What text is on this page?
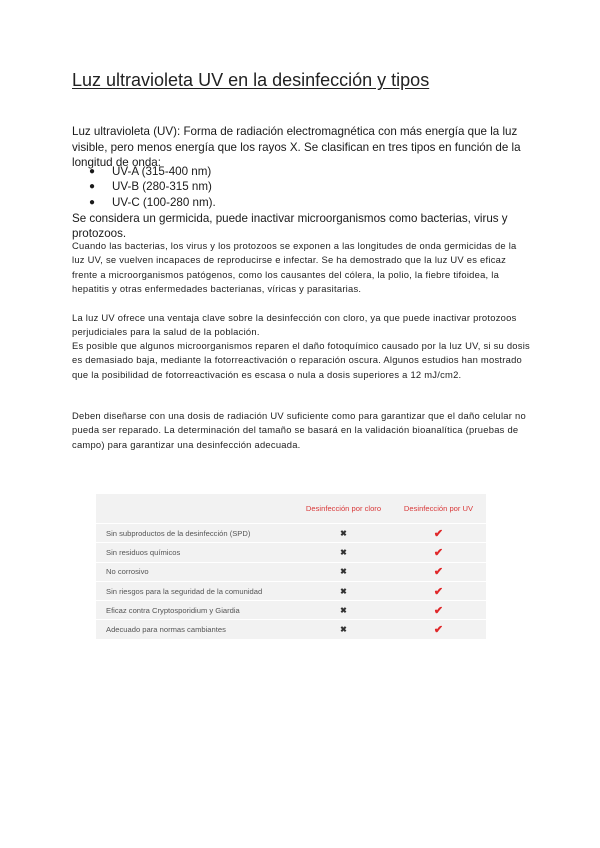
Luz ultravioleta UV en la desinfección y tipos

Luz ultravioleta (UV): Forma de radiación electromagnética con más energía que la luz visible, pero menos energía que los rayos X. Se clasifican en tres tipos en función de la longitud de onda:

● UV-A (315-400 nm)
● UV-B (280-315 nm)
● UV-C (100-280 nm).

Se considera un germicida, puede inactivar microorganismos como bacterias, virus y protozoos.

Cuando las bacterias, los virus y los protozoos se exponen a las longitudes de onda germicidas de la luz UV, se vuelven incapaces de reproducirse e infectar. Se ha demostrado que la luz UV es eficaz frente a microorganismos patógenos, como los causantes del cólera, la polio, la fiebre tifoidea, la hepatitis y otras enfermedades bacterianas, víricas y parasitarias.

La luz UV ofrece una ventaja clave sobre la desinfección con cloro, ya que puede inactivar protozoos perjudiciales para la salud de la población.

Es posible que algunos microorganismos reparen el daño fotoquímico causado por la luz UV, si su dosis es demasiado baja, mediante la fotorreactivación o reparación oscura. Algunos estudios han mostrado que la posibilidad de fotorreactivación es escasa o nula a dosis superiores a 12 mJ/cm2.

Deben diseñarse con una dosis de radiación UV suficiente como para garantizar que el daño celular no pueda ser reparado. La determinación del tamaño se basará en la validación bioanalítica (pruebas de campo) para garantizar una desinfección adecuada.

	Desinfección por cloro	Desinfección por UV
Sin subproductos de la desinfección (SPD)	✖	✔
Sin residuos químicos	✖	✔
No corrosivo	✖	✔
Sin riesgos para la seguridad de la comunidad	✖	✔
Eficaz contra Cryptosporidium y Giardia	✖	✔
Adecuado para normas cambiantes	✖	✔
